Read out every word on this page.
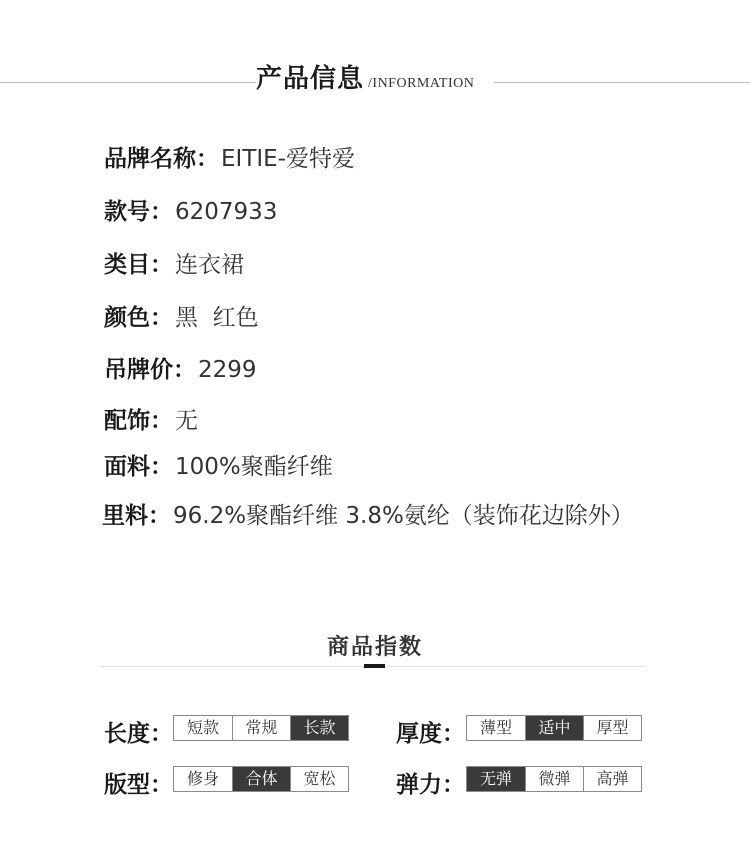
产品信息 /INFORMATION
品牌名称： EITIE-爱特爱
款号： 6207933
类目： 连衣裙
颜色： 黑  红色
吊牌价： 2299
配饰： 无
面料： 100%聚酯纤维
里料： 96.2%聚酯纤维 3.8%氨纶（装饰花边除外）
商品指数
长度： 短款	常规	长款	厚度： 薄型	适中	厚型
版型： 修身	合体	宽松	弹力： 无弹	微弹	高弹
